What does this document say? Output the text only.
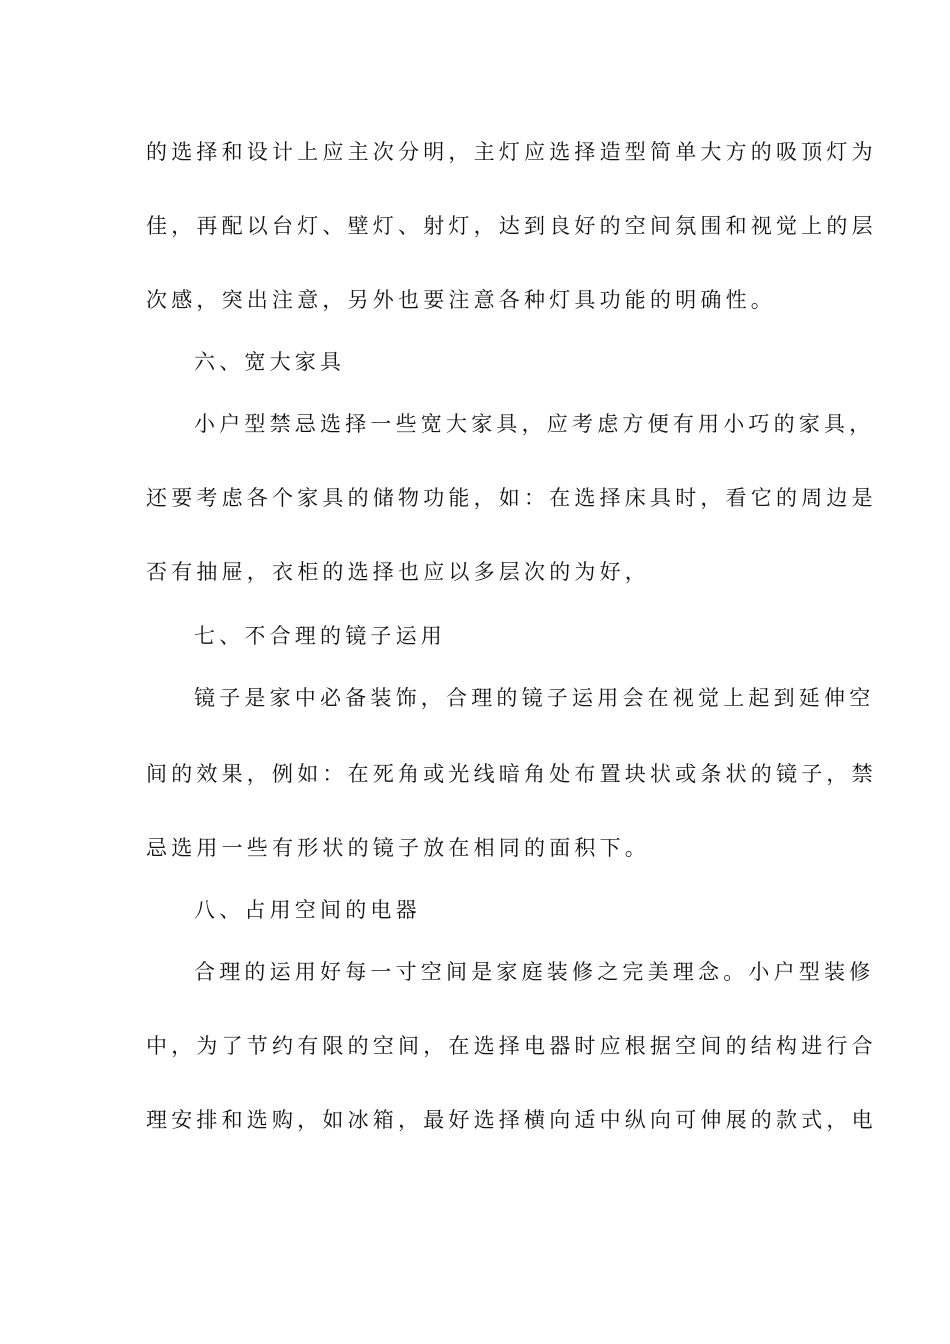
的选择和设计上应主次分明，主灯应选择造型简单大方的吸顶灯为
佳，再配以台灯、壁灯、射灯，达到良好的空间氛围和视觉上的层
次感，突出注意，另外也要注意各种灯具功能的明确性。
六、宽大家具
小户型禁忌选择一些宽大家具，应考虑方便有用小巧的家具，
还要考虑各个家具的储物功能，如：在选择床具时，看它的周边是
否有抽屉，衣柜的选择也应以多层次的为好，
七、不合理的镜子运用
镜子是家中必备装饰，合理的镜子运用会在视觉上起到延伸空
间的效果，例如：在死角或光线暗角处布置块状或条状的镜子，禁
忌选用一些有形状的镜子放在相同的面积下。
八、占用空间的电器
合理的运用好每一寸空间是家庭装修之完美理念。小户型装修
中，为了节约有限的空间，在选择电器时应根据空间的结构进行合
理安排和选购，如冰箱，最好选择横向适中纵向可伸展的款式，电
